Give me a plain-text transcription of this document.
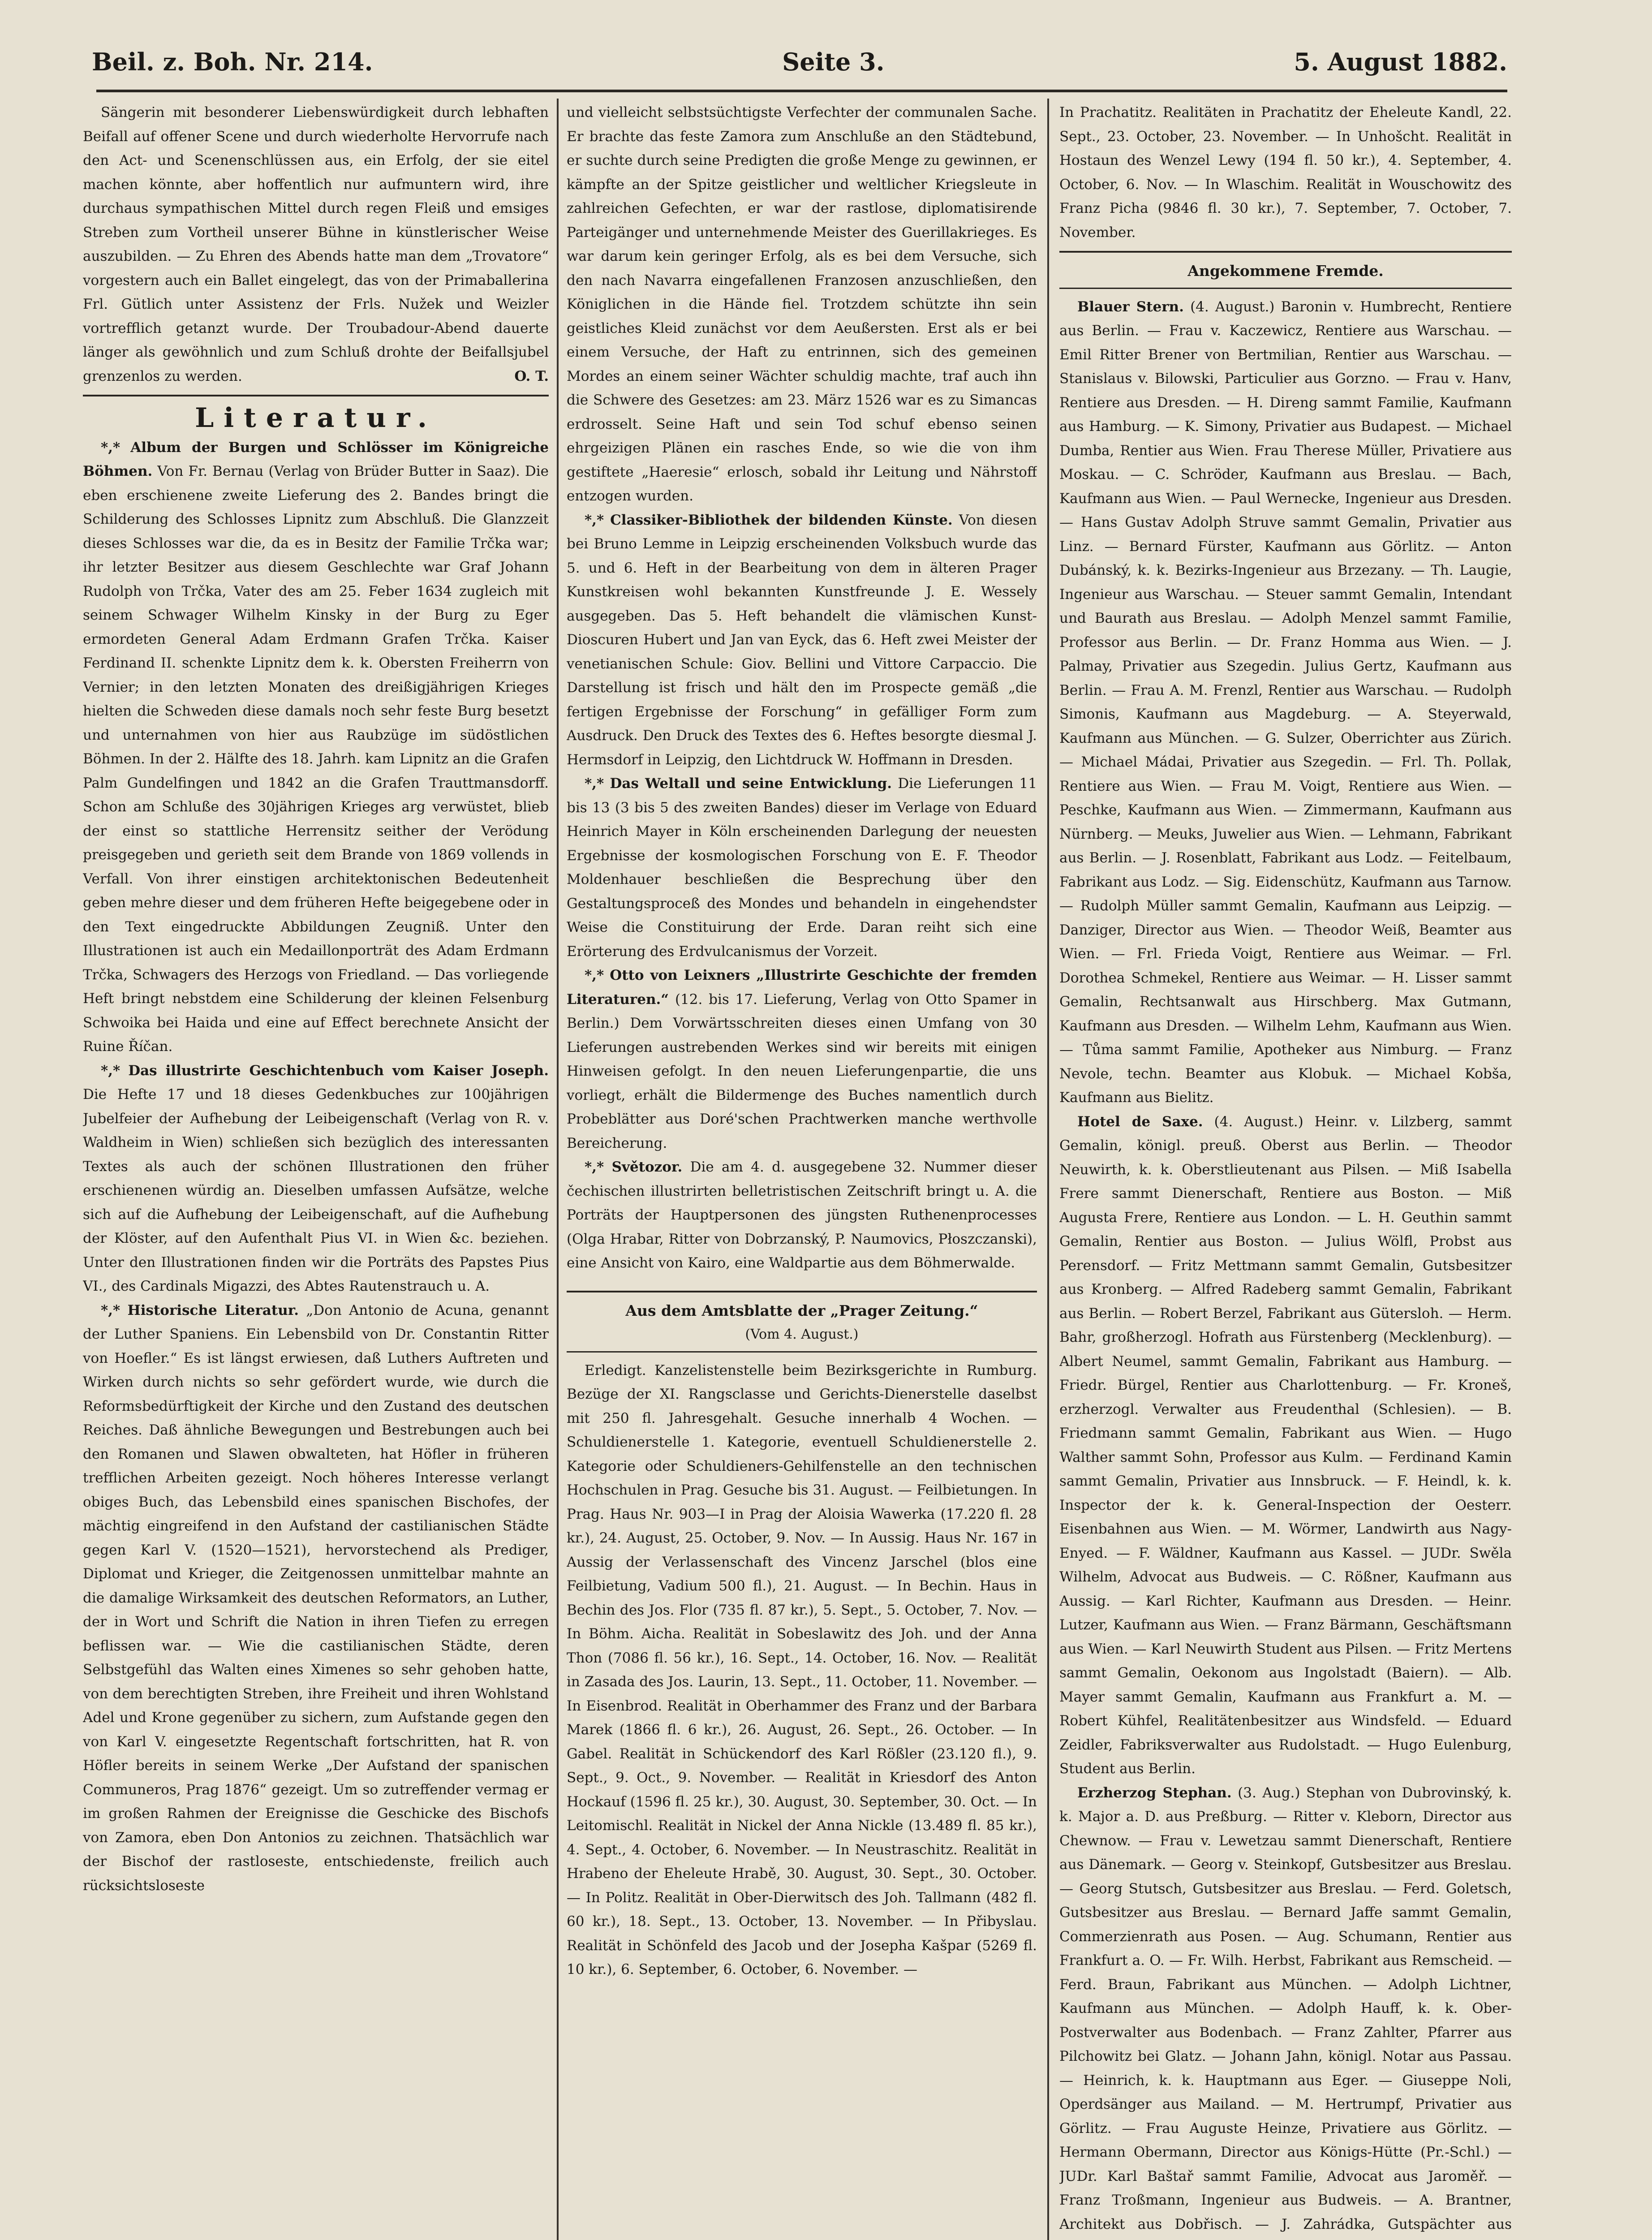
Beil. z. Boh. Nr. 214.	Seite 3.	5. August 1882.

Sängerin mit besonderer Liebenswürdigkeit durch lebhaften Beifall auf offener Scene und durch wiederholte Hervorrufe nach den Act- und Scenenschlüssen aus, ein Erfolg, der sie eitel machen könnte, aber hoffentlich nur aufmuntern wird, ihre durchaus sympathischen Mittel durch regen Fleiß und emsiges Streben zum Vortheil unserer Bühne in künstlerischer Weise auszubilden. — Zu Ehren des Abends hatte man dem „Trovatore“ vorgestern auch ein Ballet eingelegt, das von der Primaballerina Frl. Gütlich unter Assistenz der Frls. Nužek und Weizler vortrefflich getanzt wurde. Der Troubadour-Abend dauerte länger als gewöhnlich und zum Schluß drohte der Beifallsjubel grenzenlos zu werden.	O. T.

Literatur.

*,* Album der Burgen und Schlösser im Königreiche Böhmen. Von Fr. Bernau (Verlag von Brüder Butter in Saaz). Die eben erschienene zweite Lieferung des 2. Bandes bringt die Schilderung des Schlosses Lipnitz zum Abschluß. Die Glanzzeit dieses Schlosses war die, da es in Besitz der Familie Trčka war; ihr letzter Besitzer aus diesem Geschlechte war Graf Johann Rudolph von Trčka, Vater des am 25. Feber 1634 zugleich mit seinem Schwager Wilhelm Kinsky in der Burg zu Eger ermordeten General Adam Erdmann Grafen Trčka. Kaiser Ferdinand II. schenkte Lipnitz dem k. k. Obersten Freiherrn von Vernier; in den letzten Monaten des dreißigjährigen Krieges hielten die Schweden diese damals noch sehr feste Burg besetzt und unternahmen von hier aus Raubzüge im südöstlichen Böhmen. In der 2. Hälfte des 18. Jahrh. kam Lipnitz an die Grafen Palm Gundelfingen und 1842 an die Grafen Trauttmansdorff. Schon am Schluße des 30jährigen Krieges arg verwüstet, blieb der einst so stattliche Herrensitz seither der Verödung preisgegeben und gerieth seit dem Brande von 1869 vollends in Verfall. Von ihrer einstigen architektonischen Bedeutenheit geben mehre dieser und dem früheren Hefte beigegebene oder in den Text eingedruckte Abbildungen Zeugniß. Unter den Illustrationen ist auch ein Medaillonporträt des Adam Erdmann Trčka, Schwagers des Herzogs von Friedland. — Das vorliegende Heft bringt nebstdem eine Schilderung der kleinen Felsenburg Schwoika bei Haida und eine auf Effect berechnete Ansicht der Ruine Říčan.

*,* Das illustrirte Geschichtenbuch vom Kaiser Joseph. Die Hefte 17 und 18 dieses Gedenkbuches zur 100jährigen Jubelfeier der Aufhebung der Leibeigenschaft (Verlag von R. v. Waldheim in Wien) schließen sich bezüglich des interessanten Textes als auch der schönen Illustrationen den früher erschienenen würdig an. Dieselben umfassen Aufsätze, welche sich auf die Aufhebung der Leibeigenschaft, auf die Aufhebung der Klöster, auf den Aufenthalt Pius VI. in Wien &c. beziehen. Unter den Illustrationen finden wir die Porträts des Papstes Pius VI., des Cardinals Migazzi, des Abtes Rautenstrauch u. A.

*,* Historische Literatur. „Don Antonio de Acuna, genannt der Luther Spaniens. Ein Lebensbild von Dr. Constantin Ritter von Hoefler.“ Es ist längst erwiesen, daß Luthers Auftreten und Wirken durch nichts so sehr gefördert wurde, wie durch die Reformsbedürftigkeit der Kirche und den Zustand des deutschen Reiches. Daß ähnliche Bewegungen und Bestrebungen auch bei den Romanen und Slawen obwalteten, hat Höfler in früheren trefflichen Arbeiten gezeigt. Noch höheres Interesse verlangt obiges Buch, das Lebensbild eines spanischen Bischofes, der mächtig eingreifend in den Aufstand der castilianischen Städte gegen Karl V. (1520—1521), hervorstechend als Prediger, Diplomat und Krieger, die Zeitgenossen unmittelbar mahnte an die damalige Wirksamkeit des deutschen Reformators, an Luther, der in Wort und Schrift die Nation in ihren Tiefen zu erregen beflissen war. — Wie die castilianischen Städte, deren Selbstgefühl das Walten eines Ximenes so sehr gehoben hatte, von dem berechtigten Streben, ihre Freiheit und ihren Wohlstand Adel und Krone gegenüber zu sichern, zum Aufstande gegen den von Karl V. eingesetzte Regentschaft fortschritten, hat R. von Höfler bereits in seinem Werke „Der Aufstand der spanischen Communeros, Prag 1876“ gezeigt. Um so zutreffender vermag er im großen Rahmen der Ereignisse die Geschicke des Bischofs von Zamora, eben Don Antonios zu zeichnen. Thatsächlich war der Bischof der rastloseste, entschiedenste, freilich auch rücksichtsloseste

und vielleicht selbstsüchtigste Verfechter der communalen Sache. Er brachte das feste Zamora zum Anschluße an den Städtebund, er suchte durch seine Predigten die große Menge zu gewinnen, er kämpfte an der Spitze geistlicher und weltlicher Kriegsleute in zahlreichen Gefechten, er war der rastlose, diplomatisirende Parteigänger und unternehmende Meister des Guerillakrieges. Es war darum kein geringer Erfolg, als es bei dem Versuche, sich den nach Navarra eingefallenen Franzosen anzuschließen, den Königlichen in die Hände fiel. Trotzdem schützte ihn sein geistliches Kleid zunächst vor dem Aeußersten. Erst als er bei einem Versuche, der Haft zu entrinnen, sich des gemeinen Mordes an einem seiner Wächter schuldig machte, traf auch ihn die Schwere des Gesetzes: am 23. März 1526 war es zu Simancas erdrosselt. Seine Haft und sein Tod schuf ebenso seinen ehrgeizigen Plänen ein rasches Ende, so wie die von ihm gestiftete „Haeresie“ erlosch, sobald ihr Leitung und Nährstoff entzogen wurden.

*,* Classiker-Bibliothek der bildenden Künste. Von diesen bei Bruno Lemme in Leipzig erscheinenden Volksbuch wurde das 5. und 6. Heft in der Bearbeitung von dem in älteren Prager Kunstkreisen wohl bekannten Kunstfreunde J. E. Wessely ausgegeben. Das 5. Heft behandelt die vlämischen Kunst-Dioscuren Hubert und Jan van Eyck, das 6. Heft zwei Meister der venetianischen Schule: Giov. Bellini und Vittore Carpaccio. Die Darstellung ist frisch und hält den im Prospecte gemäß „die fertigen Ergebnisse der Forschung“ in gefälliger Form zum Ausdruck. Den Druck des Textes des 6. Heftes besorgte diesmal J. Hermsdorf in Leipzig, den Lichtdruck W. Hoffmann in Dresden.

*,* Das Weltall und seine Entwicklung. Die Lieferungen 11 bis 13 (3 bis 5 des zweiten Bandes) dieser im Verlage von Eduard Heinrich Mayer in Köln erscheinenden Darlegung der neuesten Ergebnisse der kosmologischen Forschung von E. F. Theodor Moldenhauer beschließen die Besprechung über den Gestaltungsproceß des Mondes und behandeln in eingehendster Weise die Constituirung der Erde. Daran reiht sich eine Erörterung des Erdvulcanismus der Vorzeit.

*,* Otto von Leixners „Illustrirte Geschichte der fremden Literaturen.“ (12. bis 17. Lieferung, Verlag von Otto Spamer in Berlin.) Dem Vorwärtsschreiten dieses einen Umfang von 30 Lieferungen austrebenden Werkes sind wir bereits mit einigen Hinweisen gefolgt. In den neuen Lieferungenpartie, die uns vorliegt, erhält die Bildermenge des Buches namentlich durch Probeblätter aus Doré'schen Prachtwerken manche werthvolle Bereicherung.

*,* Světozor. Die am 4. d. ausgegebene 32. Nummer dieser čechischen illustrirten belletristischen Zeitschrift bringt u. A. die Porträts der Hauptpersonen des jüngsten Ruthenenprocesses (Olga Hrabar, Ritter von Dobrzanský, P. Naumovics, Płoszczanski), eine Ansicht von Kairo, eine Waldpartie aus dem Böhmerwalde.

Aus dem Amtsblatte der „Prager Zeitung.“
(Vom 4. August.)

Erledigt. Kanzelistenstelle beim Bezirksgerichte in Rumburg. Bezüge der XI. Rangsclasse und Gerichts-Dienerstelle daselbst mit 250 fl. Jahresgehalt. Gesuche innerhalb 4 Wochen. — Schuldienerstelle 1. Kategorie, eventuell Schuldienerstelle 2. Kategorie oder Schuldieners-Gehilfenstelle an den technischen Hochschulen in Prag. Gesuche bis 31. August. — Feilbietungen. In Prag. Haus Nr. 903—I in Prag der Aloisia Wawerka (17.220 fl. 28 kr.), 24. August, 25. October, 9. Nov. — In Aussig. Haus Nr. 167 in Aussig der Verlassenschaft des Vincenz Jarschel (blos eine Feilbietung, Vadium 500 fl.), 21. August. — In Bechin. Haus in Bechin des Jos. Flor (735 fl. 87 kr.), 5. Sept., 5. October, 7. Nov. — In Böhm. Aicha. Realität in Sobeslawitz des Joh. und der Anna Thon (7086 fl. 56 kr.), 16. Sept., 14. October, 16. Nov. — Realität in Zasada des Jos. Laurin, 13. Sept., 11. October, 11. November. — In Eisenbrod. Realität in Oberhammer des Franz und der Barbara Marek (1866 fl. 6 kr.), 26. August, 26. Sept., 26. October. — In Gabel. Realität in Schückendorf des Karl Rößler (23.120 fl.), 9. Sept., 9. Oct., 9. November. — Realität in Kriesdorf des Anton Hockauf (1596 fl. 25 kr.), 30. August, 30. September, 30. Oct. — In Leitomischl. Realität in Nickel der Anna Nickle (13.489 fl. 85 kr.), 4. Sept., 4. October, 6. November. — In Neustraschitz. Realität in Hrabeno der Eheleute Hrabě, 30. August, 30. Sept., 30. October. — In Politz. Realität in Ober-Dierwitsch des Joh. Tallmann (482 fl. 60 kr.), 18. Sept., 13. October, 13. November. — In Přibyslau. Realität in Schönfeld des Jacob und der Josepha Kašpar (5269 fl. 10 kr.), 6. September, 6. October, 6. November. —

In Prachatitz. Realitäten in Prachatitz der Eheleute Kandl, 22. Sept., 23. October, 23. November. — In Unhošcht. Realität in Hostaun des Wenzel Lewy (194 fl. 50 kr.), 4. September, 4. October, 6. Nov. — In Wlaschim. Realität in Wouschowitz des Franz Picha (9846 fl. 30 kr.), 7. September, 7. October, 7. November.

Angekommene Fremde.

Blauer Stern. (4. August.) Baronin v. Humbrecht, Rentiere aus Berlin. — Frau v. Kaczewicz, Rentiere aus Warschau. — Emil Ritter Brener von Bertmilian, Rentier aus Warschau. — Stanislaus v. Bilowski, Particulier aus Gorzno. — Frau v. Hanv, Rentiere aus Dresden. — H. Direng sammt Familie, Kaufmann aus Hamburg. — K. Simony, Privatier aus Budapest. — Michael Dumba, Rentier aus Wien. Frau Therese Müller, Privatiere aus Moskau. — C. Schröder, Kaufmann aus Breslau. — Bach, Kaufmann aus Wien. — Paul Wernecke, Ingenieur aus Dresden. — Hans Gustav Adolph Struve sammt Gemalin, Privatier aus Linz. — Bernard Fürster, Kaufmann aus Görlitz. — Anton Dubánský, k. k. Bezirks-Ingenieur aus Brzezany. — Th. Laugie, Ingenieur aus Warschau. — Steuer sammt Gemalin, Intendant und Baurath aus Breslau. — Adolph Menzel sammt Familie, Professor aus Berlin. — Dr. Franz Homma aus Wien. — J. Palmay, Privatier aus Szegedin. Julius Gertz, Kaufmann aus Berlin. — Frau A. M. Frenzl, Rentier aus Warschau. — Rudolph Simonis, Kaufmann aus Magdeburg. — A. Steyerwald, Kaufmann aus München. — G. Sulzer, Oberrichter aus Zürich. — Michael Mádai, Privatier aus Szegedin. — Frl. Th. Pollak, Rentiere aus Wien. — Frau M. Voigt, Rentiere aus Wien. — Peschke, Kaufmann aus Wien. — Zimmermann, Kaufmann aus Nürnberg. — Meuks, Juwelier aus Wien. — Lehmann, Fabrikant aus Berlin. — J. Rosenblatt, Fabrikant aus Lodz. — Feitelbaum, Fabrikant aus Lodz. — Sig. Eidenschütz, Kaufmann aus Tarnow. — Rudolph Müller sammt Gemalin, Kaufmann aus Leipzig. — Danziger, Director aus Wien. — Theodor Weiß, Beamter aus Wien. — Frl. Frieda Voigt, Rentiere aus Weimar. — Frl. Dorothea Schmekel, Rentiere aus Weimar. — H. Lisser sammt Gemalin, Rechtsanwalt aus Hirschberg. Max Gutmann, Kaufmann aus Dresden. — Wilhelm Lehm, Kaufmann aus Wien. — Tůma sammt Familie, Apotheker aus Nimburg. — Franz Nevole, techn. Beamter aus Klobuk. — Michael Kobša, Kaufmann aus Bielitz.

Hotel de Saxe. (4. August.) Heinr. v. Lilzberg, sammt Gemalin, königl. preuß. Oberst aus Berlin. — Theodor Neuwirth, k. k. Oberstlieutenant aus Pilsen. — Miß Isabella Frere sammt Dienerschaft, Rentiere aus Boston. — Miß Augusta Frere, Rentiere aus London. — L. H. Geuthin sammt Gemalin, Rentier aus Boston. — Julius Wölfl, Probst aus Perensdorf. — Fritz Mettmann sammt Gemalin, Gutsbesitzer aus Kronberg. — Alfred Radeberg sammt Gemalin, Fabrikant aus Berlin. — Robert Berzel, Fabrikant aus Gütersloh. — Herm. Bahr, großherzogl. Hofrath aus Fürstenberg (Mecklenburg). — Albert Neumel, sammt Gemalin, Fabrikant aus Hamburg. — Friedr. Bürgel, Rentier aus Charlottenburg. — Fr. Kroneš, erzherzogl. Verwalter aus Freudenthal (Schlesien). — B. Friedmann sammt Gemalin, Fabrikant aus Wien. — Hugo Walther sammt Sohn, Professor aus Kulm. — Ferdinand Kamin sammt Gemalin, Privatier aus Innsbruck. — F. Heindl, k. k. Inspector der k. k. General-Inspection der Oesterr. Eisenbahnen aus Wien. — M. Wörmer, Landwirth aus Nagy-Enyed. — F. Wäldner, Kaufmann aus Kassel. — JUDr. Swěla Wilhelm, Advocat aus Budweis. — C. Rößner, Kaufmann aus Aussig. — Karl Richter, Kaufmann aus Dresden. — Heinr. Lutzer, Kaufmann aus Wien. — Franz Bärmann, Geschäftsmann aus Wien. — Karl Neuwirth Student aus Pilsen. — Fritz Mertens sammt Gemalin, Oekonom aus Ingolstadt (Baiern). — Alb. Mayer sammt Gemalin, Kaufmann aus Frankfurt a. M. — Robert Kühfel, Realitätenbesitzer aus Windsfeld. — Eduard Zeidler, Fabriksverwalter aus Rudolstadt. — Hugo Eulenburg, Student aus Berlin.

Erzherzog Stephan. (3. Aug.) Stephan von Dubrovinský, k. k. Major a. D. aus Preßburg. — Ritter v. Kleborn, Director aus Chewnow. — Frau v. Lewetzau sammt Dienerschaft, Rentiere aus Dänemark. — Georg v. Steinkopf, Gutsbesitzer aus Breslau. — Georg Stutsch, Gutsbesitzer aus Breslau. — Ferd. Goletsch, Gutsbesitzer aus Breslau. — Bernard Jaffe sammt Gemalin, Commerzienrath aus Posen. — Aug. Schumann, Rentier aus Frankfurt a. O. — Fr. Wilh. Herbst, Fabrikant aus Remscheid. — Ferd. Braun, Fabrikant aus München. — Adolph Lichtner, Kaufmann aus München. — Adolph Hauff, k. k. Ober-Postverwalter aus Bodenbach. — Franz Zahlter, Pfarrer aus Pilchowitz bei Glatz. — Johann Jahn, königl. Notar aus Passau. — Heinrich, k. k. Hauptmann aus Eger. — Giuseppe Noli, Operdsänger aus Mailand. — M. Hertrumpf, Privatier aus Görlitz. — Frau Auguste Heinze, Privatiere aus Görlitz. — Hermann Obermann, Director aus Königs-Hütte (Pr.-Schl.) — JUDr. Karl Baštař sammt Familie, Advocat aus Jaroměř. — Franz Troßmann, Ingenieur aus Budweis. — A. Brantner, Architekt aus Dobřisch. — J. Zahrádka, Gutspächter aus
